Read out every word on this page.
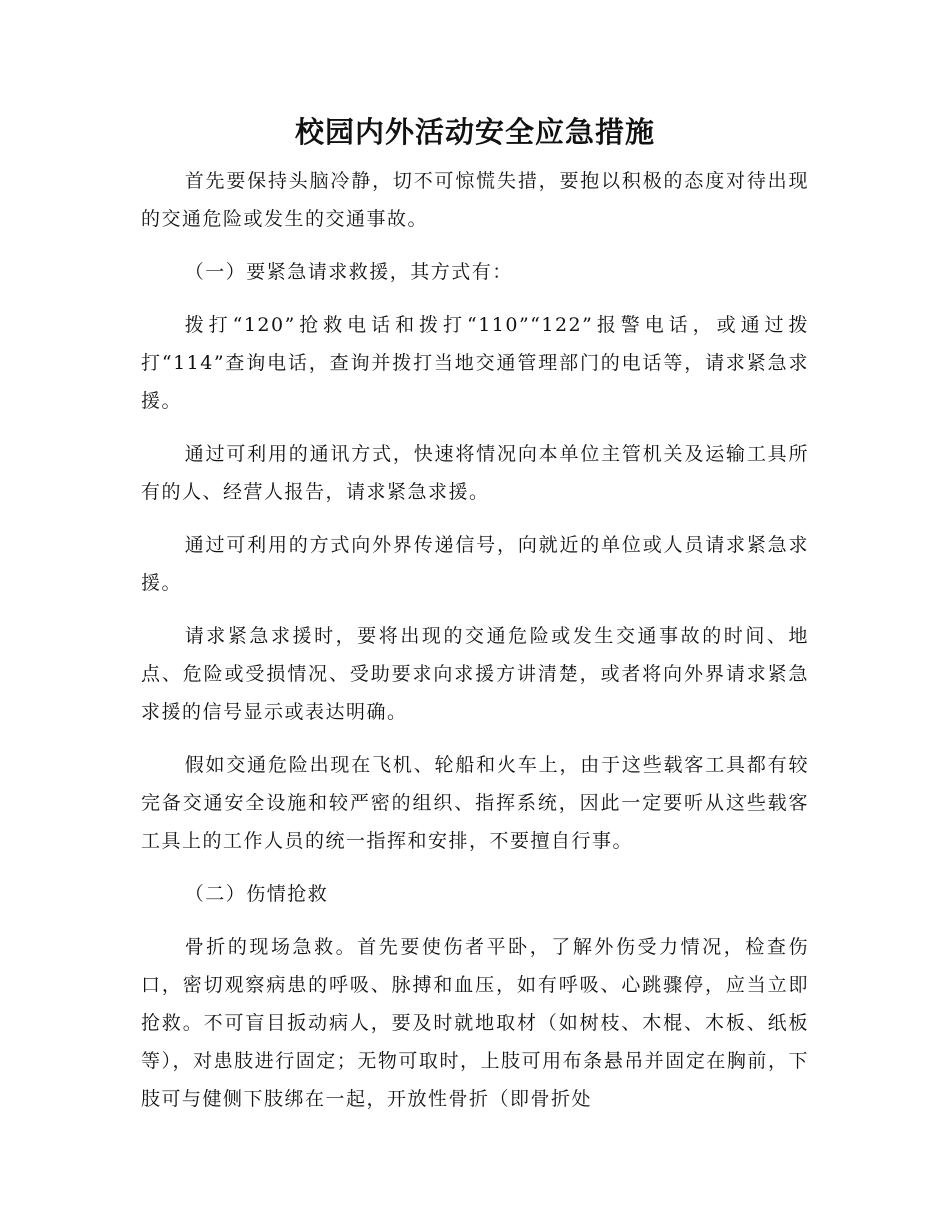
校园内外活动安全应急措施

首先要保持头脑冷静，切不可惊慌失措，要抱以积极的态度对待出现的交通危险或发生的交通事故。

（一）要紧急请求救援，其方式有：

拨打“120”抢救电话和拨打“110”“122”报警电话，或通过拨打“114”查询电话，查询并拨打当地交通管理部门的电话等，请求紧急求援。

通过可利用的通讯方式，快速将情况向本单位主管机关及运输工具所有的人、经营人报告，请求紧急求援。

通过可利用的方式向外界传递信号，向就近的单位或人员请求紧急求援。

请求紧急求援时，要将出现的交通危险或发生交通事故的时间、地点、危险或受损情况、受助要求向求援方讲清楚，或者将向外界请求紧急求援的信号显示或表达明确。

假如交通危险出现在飞机、轮船和火车上，由于这些载客工具都有较完备交通安全设施和较严密的组织、指挥系统，因此一定要听从这些载客工具上的工作人员的统一指挥和安排，不要擅自行事。

（二）伤情抢救

骨折的现场急救。首先要使伤者平卧，了解外伤受力情况，检查伤口，密切观察病患的呼吸、脉搏和血压，如有呼吸、心跳骤停，应当立即抢救。不可盲目扳动病人，要及时就地取材（如树枝、木棍、木板、纸板等），对患肢进行固定；无物可取时，上肢可用布条悬吊并固定在胸前，下肢可与健侧下肢绑在一起，开放性骨折（即骨折处
